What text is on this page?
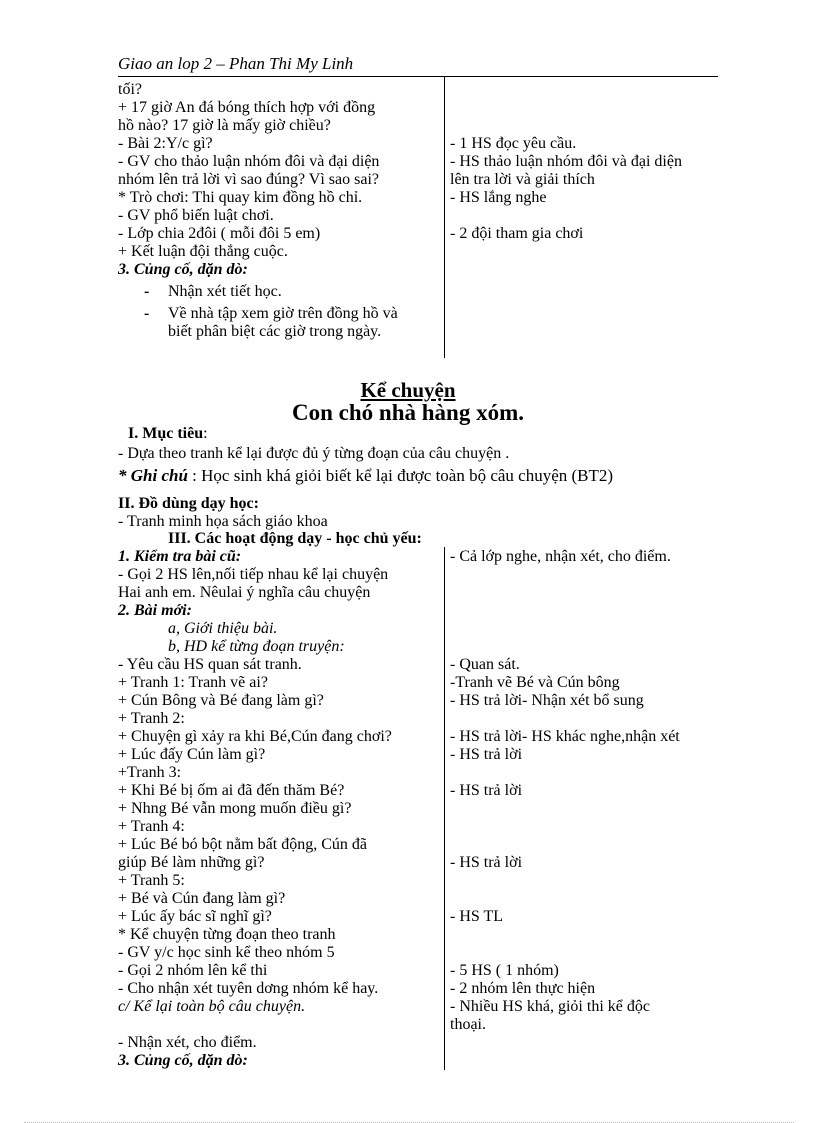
Giao an lop 2 – Phan Thi My Linh
tối?
+ 17 giờ An đá bóng thích hợp với đồng
hồ nào? 17 giờ là mấy giờ chiều?
- Bài 2:Y/c gì?
- GV cho thảo luận nhóm đôi và đại diện
nhóm lên trả lời vì sao đúng? Vì sao sai?
* Trò chơi: Thi quay kim đồng hồ chỉ.
- GV phổ biến luật chơi.
- Lớp chia 2đôi ( mỗi đôi 5 em)
+ Kết luận đội thắng cuộc.
3. Củng cố, dặn dò:
-	Nhận xét tiết học.
-	Về nhà tập xem giờ trên đồng hồ và
biết phân biệt các giờ trong ngày.
- 1 HS đọc yêu cầu.
- HS thảo luận nhóm đôi và đại diện
lên tra lời và giải thích
- HS lắng nghe
- 2 đội tham gia chơi
Kể chuyện
Con chó nhà hàng xóm.
I. Mục tiêu:
- Dựa theo tranh kể lại được đủ ý từng đoạn của câu chuyện .
* Ghi chú : Học sinh khá giỏi biết kể lại được toàn bộ câu chuyện (BT2)
II. Đồ dùng dạy học:
- Tranh minh họa sách giáo khoa
III. Các hoạt động dạy - học chủ yếu:
1. Kiểm tra bài cũ:
- Gọi 2 HS lên,nối tiếp nhau kể lại chuyện
Hai anh em. Nêulai ý nghĩa câu chuyện
2. Bài mới:
a, Giới thiệu bài.
b, HD kể từng đoạn truyện:
- Yêu cầu HS quan sát tranh.
+ Tranh 1: Tranh vẽ ai?
+ Cún Bông và Bé đang làm gì?
+ Tranh 2:
+ Chuyện gì xảy ra khi Bé,Cún đang chơi?
+ Lúc đấy Cún làm gì?
+Tranh 3:
+ Khi Bé bị ốm ai đã đến thăm Bé?
+ Nhng Bé vẫn mong muốn điều gì?
+ Tranh 4:
+ Lúc Bé bó bột nằm bất động, Cún đã
giúp Bé làm những gì?
+ Tranh 5:
+ Bé và Cún đang làm gì?
+ Lúc ấy bác sĩ nghĩ gì?
* Kể chuyện từng đoạn theo tranh
- GV y/c học sinh kể theo nhóm 5
- Gọi 2 nhóm lên kể thi
- Cho nhận xét tuyên dơng nhóm kể hay.
c/ Kể lại toàn bộ câu chuyện.
- Nhận xét, cho điểm.
3. Củng cố, dặn dò:
- Cả lớp nghe, nhận xét, cho điểm.
- Quan sát.
-Tranh vẽ Bé và Cún bông
- HS trả lời- Nhận xét bổ sung
- HS trả lời- HS khác nghe,nhận xét
- HS trả lời
- HS trả lời
- HS trả lời
- HS TL
- 5 HS ( 1 nhóm)
- 2 nhóm lên thực hiện
- Nhiều HS khá, giỏi thi kể độc
thoại.
